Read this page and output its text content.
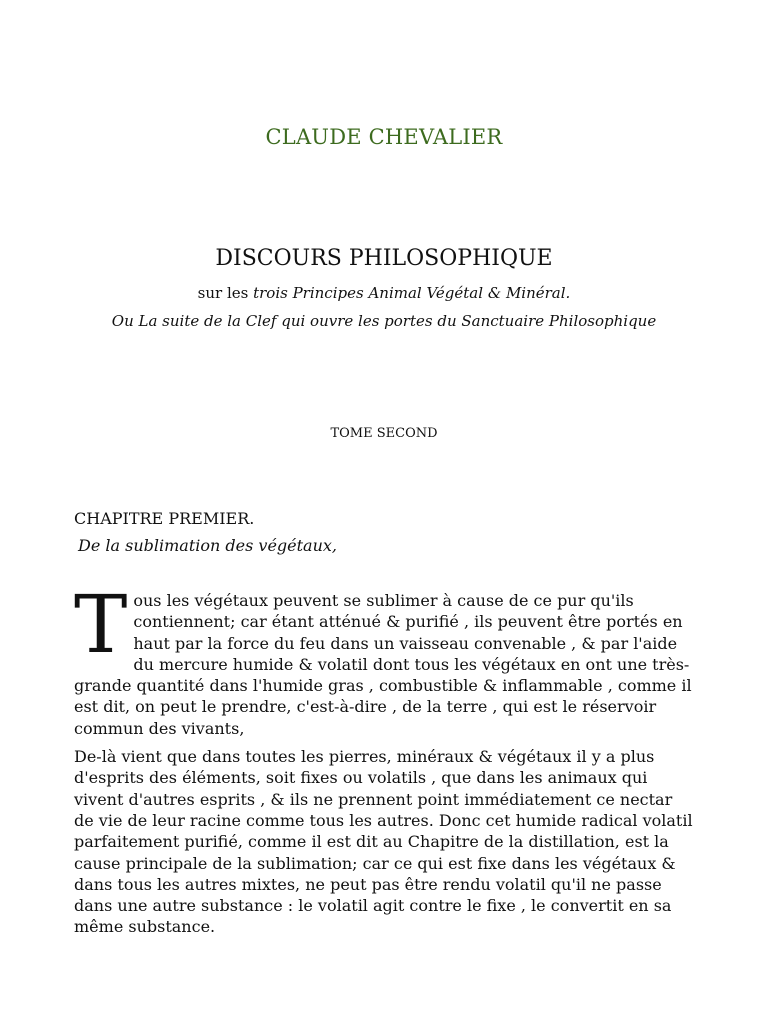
CLAUDE CHEVALIER
DISCOURS PHILOSOPHIQUE
sur les trois Principes Animal Végétal & Minéral.
Ou La suite de la Clef qui ouvre les portes du Sanctuaire Philosophique
TOME SECOND
CHAPITRE PREMIER.
De la sublimation des végétaux,

Tous les végétaux peuvent se sublimer à cause de ce pur qu'ils contiennent; car étant atténué & purifié , ils peuvent être portés en haut par la force du feu dans un vaisseau convenable , & par l'aide du mercure humide & volatil dont tous les végétaux en ont une très-grande quantité dans l'humide gras , combustible & inflammable , comme il est dit, on peut le prendre, c'est-à-dire , de la terre , qui est le réservoir commun des vivants,

De-là vient que dans toutes les pierres, minéraux & végétaux il y a plus d'esprits des éléments, soit fixes ou volatils , que dans les animaux qui vivent d'autres esprits , & ils ne prennent point immédiatement ce nectar de vie de leur racine comme tous les autres. Donc cet humide radical volatil parfaitement purifié, comme il est dit au Chapitre de la distillation, est la cause principale de la sublimation; car ce qui est fixe dans les végétaux & dans tous les autres mixtes, ne peut pas être rendu volatil qu'il ne passe dans une autre substance : le volatil agit contre le fixe , le convertit en sa même substance.
